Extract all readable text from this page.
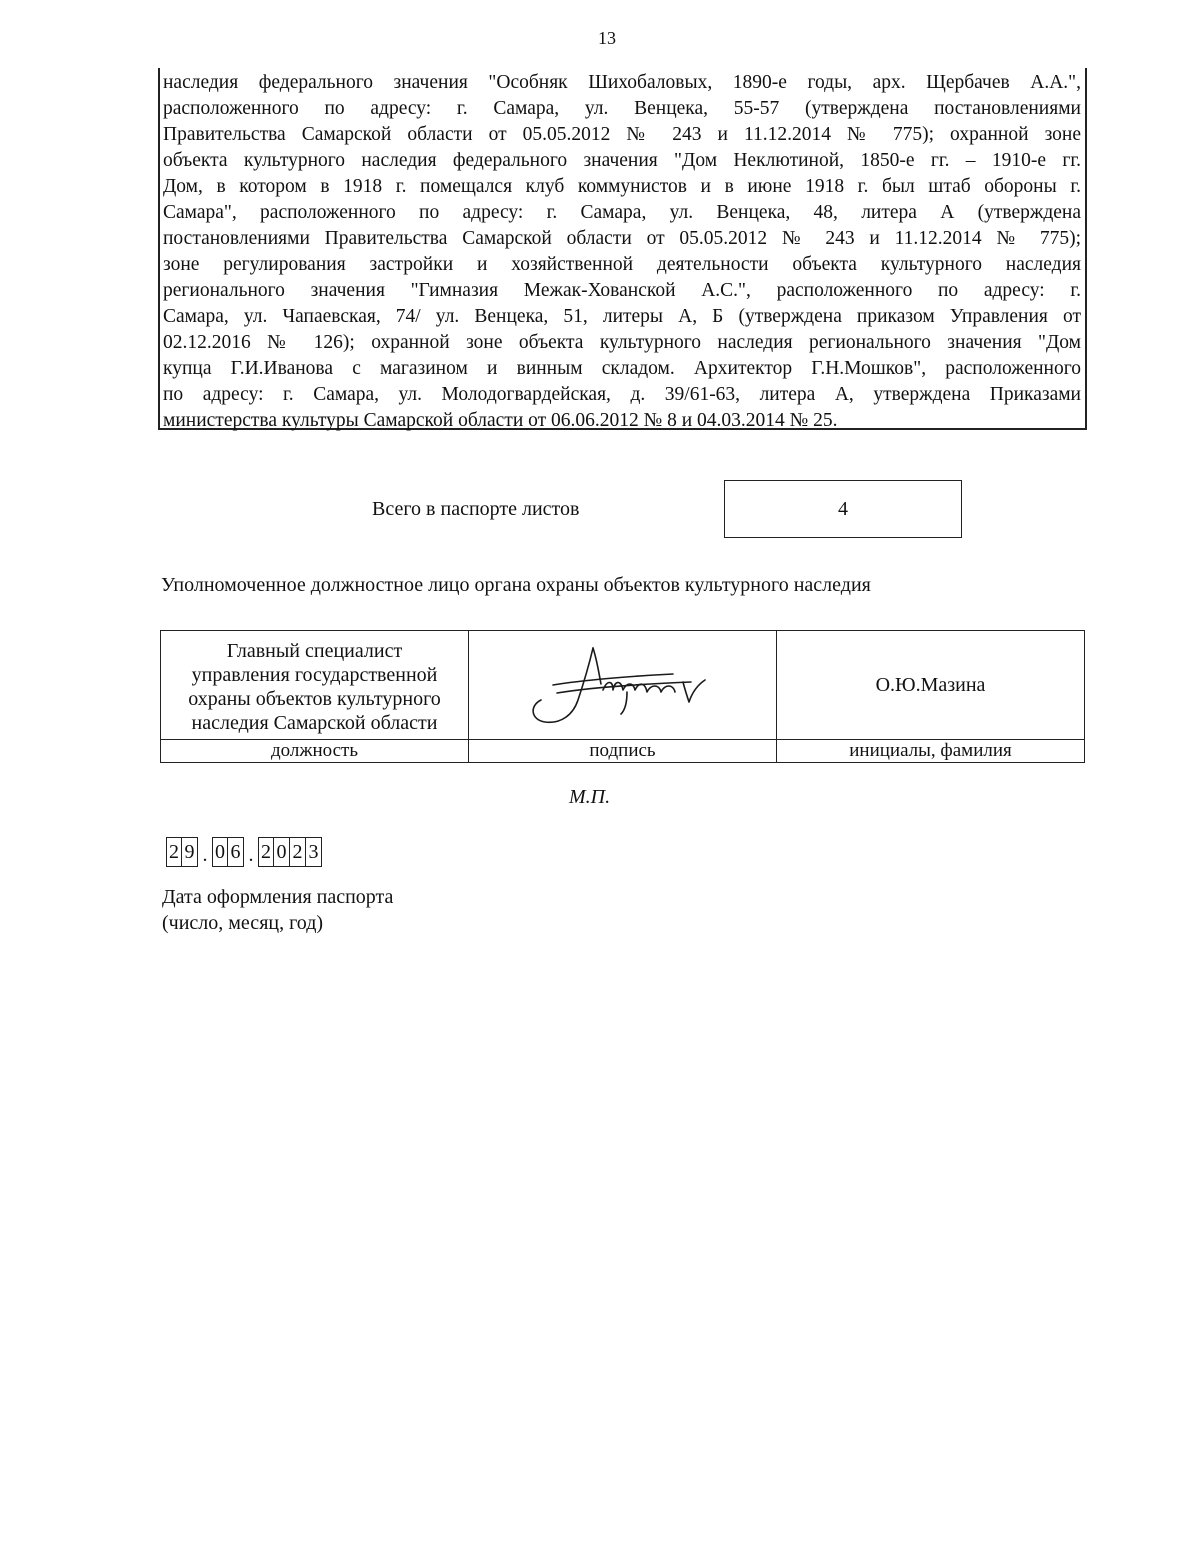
13
наследия федерального значения "Особняк Шихобаловых, 1890-е годы, арх. Щербачев А.А.",
расположенного по адресу: г. Самара, ул. Венцека, 55-57 (утверждена постановлениями
Правительства Самарской области от 05.05.2012 № 243 и 11.12.2014 № 775); охранной зоне
объекта культурного наследия федерального значения "Дом Неклютиной, 1850-е гг. – 1910-е гг.
Дом, в котором в 1918 г. помещался клуб коммунистов и в июне 1918 г. был штаб обороны г.
Самара", расположенного по адресу: г. Самара, ул. Венцека, 48, литера А (утверждена
постановлениями Правительства Самарской области от 05.05.2012 № 243 и 11.12.2014 № 775);
зоне регулирования застройки и хозяйственной деятельности объекта культурного наследия
регионального значения "Гимназия Межак-Хованской А.С.", расположенного по адресу: г.
Самара, ул. Чапаевская, 74/ ул. Венцека, 51, литеры А, Б (утверждена приказом Управления от
02.12.2016 № 126); охранной зоне объекта культурного наследия регионального значения "Дом
купца Г.И.Иванова с магазином и винным складом. Архитектор Г.Н.Мошков", расположенного
по адресу: г. Самара, ул. Молодогвардейская, д. 39/61-63, литера А, утверждена Приказами
министерства культуры Самарской области от 06.06.2012 № 8 и 04.03.2014 № 25.
Всего в паспорте листов	4
Уполномоченное должностное лицо органа охраны объектов культурного наследия
Главный специалист
управления государственной
охраны объектов культурного
наследия Самарской области		О.Ю.Мазина
должность	подпись	инициалы, фамилия
М.П.
2 9 . 0 6 . 2 0 2 3
Дата оформления паспорта
(число, месяц, год)
